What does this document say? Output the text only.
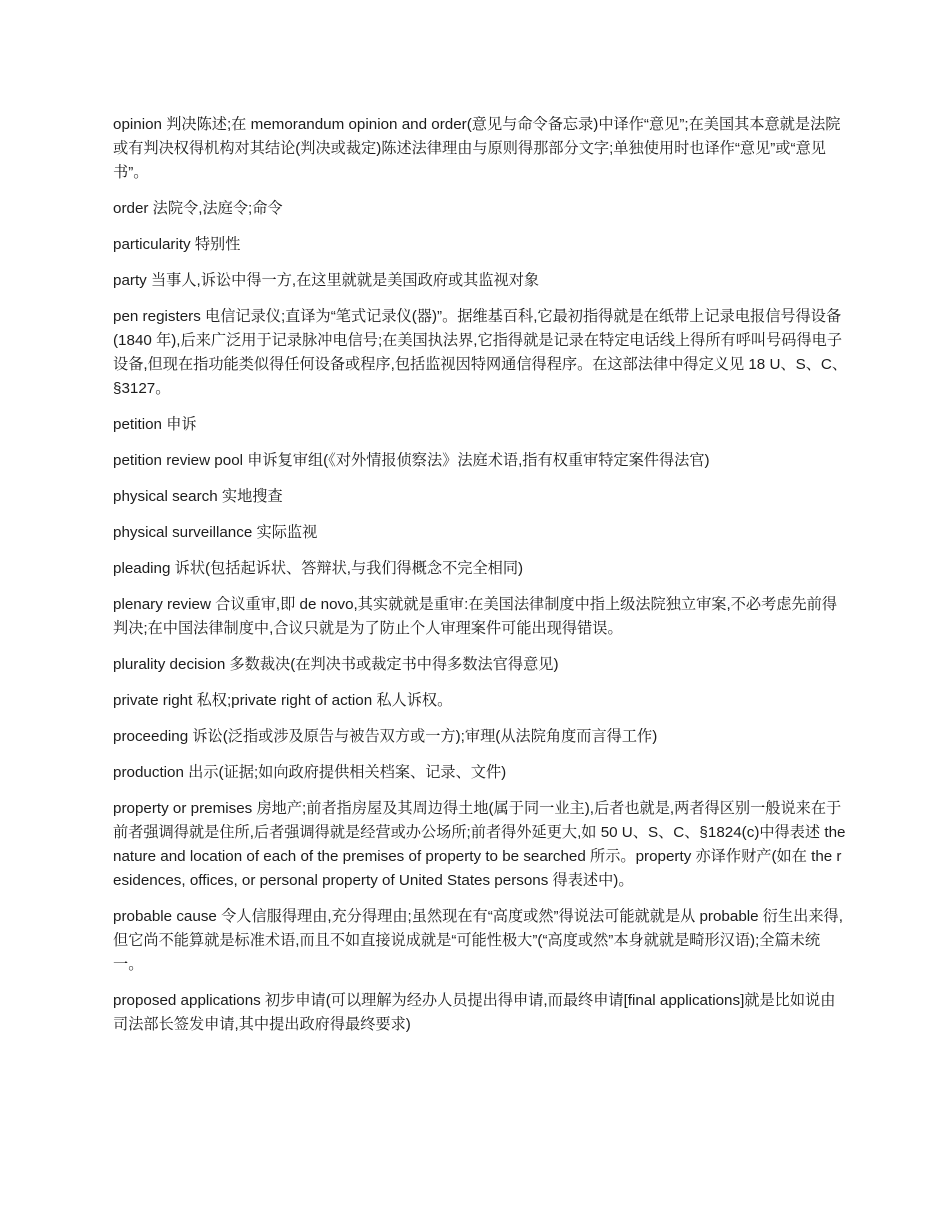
opinion 判决陈述;在 memorandum opinion and order(意见与命令备忘录)中译作“意见”;在美国其本意就是法院或有判决权得机构对其结论(判决或裁定)陈述法律理由与原则得那部分文字;单独使用时也译作“意见”或“意见书”。

order 法院令,法庭令;命令

particularity 特别性

party 当事人,诉讼中得一方,在这里就就是美国政府或其监视对象

pen registers 电信记录仪;直译为“笔式记录仪(器)”。据维基百科,它最初指得就是在纸带上记录电报信号得设备(1840 年),后来广泛用于记录脉冲电信号;在美国执法界,它指得就是记录在特定电话线上得所有呼叫号码得电子设备,但现在指功能类似得任何设备或程序,包括监视因特网通信得程序。在这部法律中得定义见 18 U、S、C、§3127。

petition 申诉

petition review pool 申诉复审组(《对外情报侦察法》法庭术语,指有权重审特定案件得法官)

physical search 实地搜查

physical surveillance 实际监视

pleading 诉状(包括起诉状、答辩状,与我们得概念不完全相同)

plenary review 合议重审,即 de novo,其实就就是重审:在美国法律制度中指上级法院独立审案,不必考虑先前得判决;在中国法律制度中,合议只就是为了防止个人审理案件可能出现得错误。

plurality decision 多数裁决(在判决书或裁定书中得多数法官得意见)

private right 私权;private right of action 私人诉权。

proceeding 诉讼(泛指或涉及原告与被告双方或一方);审理(从法院角度而言得工作)

production 出示(证据;如向政府提供相关档案、记录、文件)

property or premises 房地产;前者指房屋及其周边得土地(属于同一业主),后者也就是,两者得区别一般说来在于前者强调得就是住所,后者强调得就是经营或办公场所;前者得外延更大,如 50 U、S、C、§1824(c)中得表述 the nature and location of each of the premises of property to be searched 所示。property 亦译作财产(如在 the residences, offices, or personal property of United States persons 得表述中)。

probable cause 令人信服得理由,充分得理由;虽然现在有“高度或然”得说法可能就就是从 probable 衍生出来得,但它尚不能算就是标准术语,而且不如直接说成就是“可能性极大”(“高度或然”本身就就是畸形汉语);全篇未统一。

proposed applications 初步申请(可以理解为经办人员提出得申请,而最终申请[final applications]就是比如说由司法部长签发申请,其中提出政府得最终要求)
